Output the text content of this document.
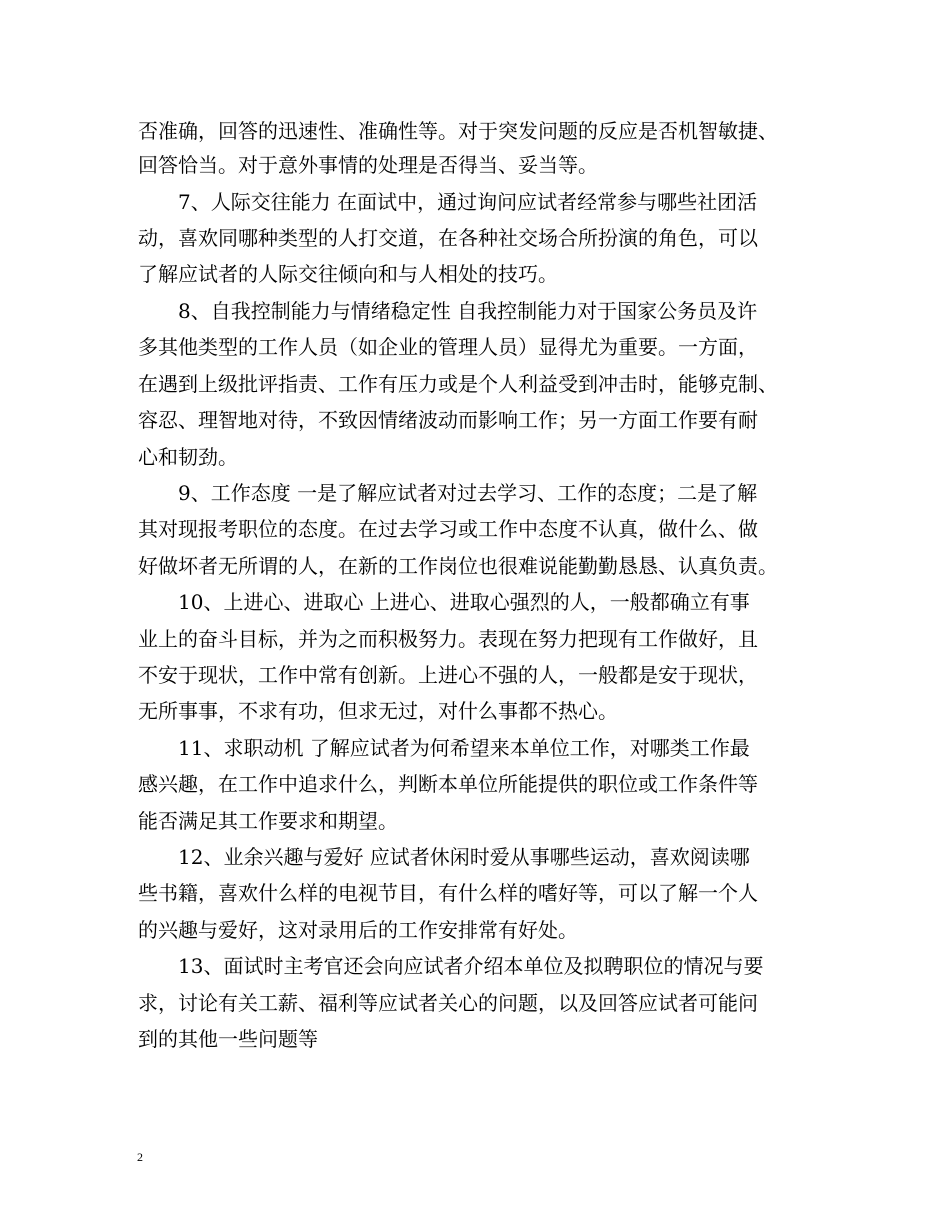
否准确，回答的迅速性、准确性等。对于突发问题的反应是否机智敏捷、
回答恰当。对于意外事情的处理是否得当、妥当等。
7、人际交往能力 在面试中，通过询问应试者经常参与哪些社团活
动，喜欢同哪种类型的人打交道，在各种社交场合所扮演的角色，可以
了解应试者的人际交往倾向和与人相处的技巧。
8、自我控制能力与情绪稳定性 自我控制能力对于国家公务员及许
多其他类型的工作人员（如企业的管理人员）显得尤为重要。一方面，
在遇到上级批评指责、工作有压力或是个人利益受到冲击时，能够克制、
容忍、理智地对待，不致因情绪波动而影响工作；另一方面工作要有耐
心和韧劲。
9、工作态度 一是了解应试者对过去学习、工作的态度；二是了解
其对现报考职位的态度。在过去学习或工作中态度不认真，做什么、做
好做坏者无所谓的人，在新的工作岗位也很难说能勤勤恳恳、认真负责。
10、上进心、进取心 上进心、进取心强烈的人，一般都确立有事
业上的奋斗目标，并为之而积极努力。表现在努力把现有工作做好，且
不安于现状，工作中常有创新。上进心不强的人，一般都是安于现状，
无所事事，不求有功，但求无过，对什么事都不热心。
11、求职动机 了解应试者为何希望来本单位工作，对哪类工作最
感兴趣，在工作中追求什么，判断本单位所能提供的职位或工作条件等
能否满足其工作要求和期望。
12、业余兴趣与爱好 应试者休闲时爱从事哪些运动，喜欢阅读哪
些书籍，喜欢什么样的电视节目，有什么样的嗜好等，可以了解一个人
的兴趣与爱好，这对录用后的工作安排常有好处。
13、面试时主考官还会向应试者介绍本单位及拟聘职位的情况与要
求，讨论有关工薪、福利等应试者关心的问题，以及回答应试者可能问
到的其他一些问题等
2
